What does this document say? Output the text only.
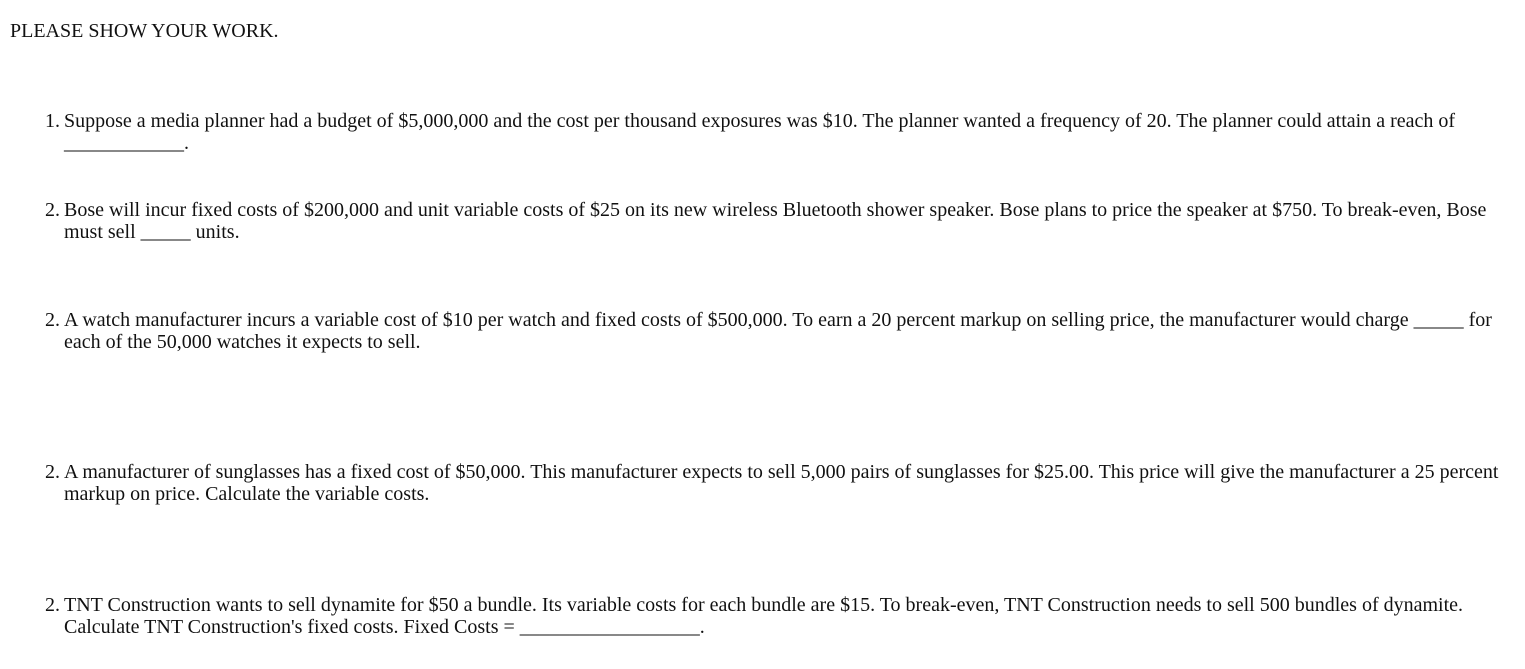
PLEASE SHOW YOUR WORK.
1. Suppose a media planner had a budget of $5,000,000 and the cost per thousand exposures was $10. The planner wanted a frequency of 20. The planner could attain a reach of ____________.
2. Bose will incur fixed costs of $200,000 and unit variable costs of $25 on its new wireless Bluetooth shower speaker. Bose plans to price the speaker at $750. To break-even, Bose must sell _____ units.
2. A watch manufacturer incurs a variable cost of $10 per watch and fixed costs of $500,000. To earn a 20 percent markup on selling price, the manufacturer would charge _____ for each of the 50,000 watches it expects to sell.
2. A manufacturer of sunglasses has a fixed cost of $50,000. This manufacturer expects to sell 5,000 pairs of sunglasses for $25.00. This price will give the manufacturer a 25 percent markup on price. Calculate the variable costs.
2. TNT Construction wants to sell dynamite for $50 a bundle. Its variable costs for each bundle are $15. To break-even, TNT Construction needs to sell 500 bundles of dynamite. Calculate TNT Construction's fixed costs. Fixed Costs = __________________.
